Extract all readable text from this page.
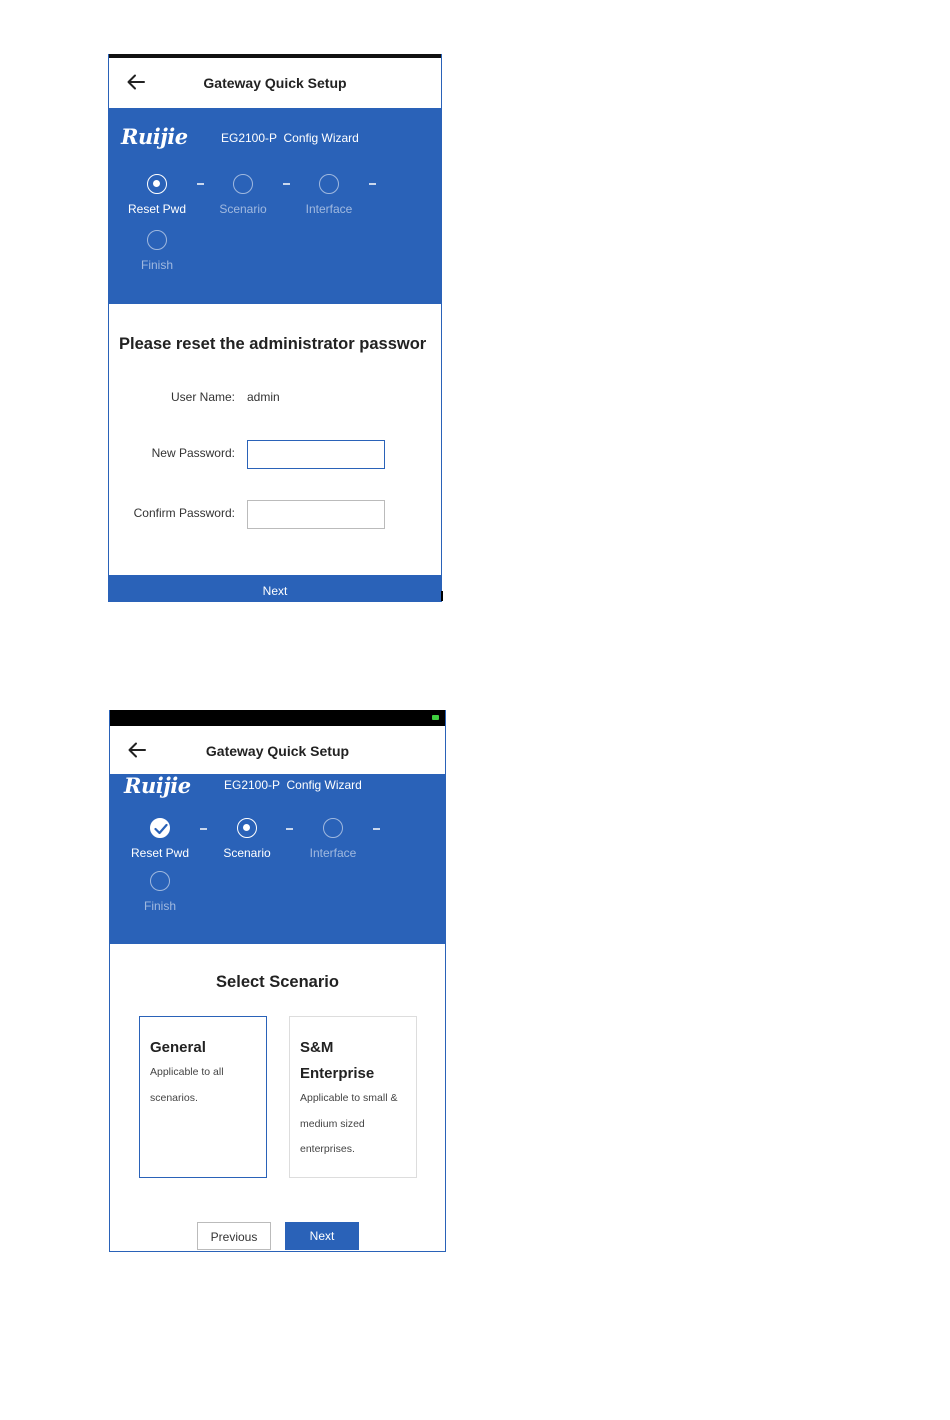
Gateway Quick Setup
Ruijie	EG2100-P  Config Wizard
Reset Pwd	Scenario	Interface
Finish
Please reset the administrator passwor
User Name: admin
New Password:
Confirm Password:
Next
Gateway Quick Setup
Ruijie	EG2100-P  Config Wizard
Reset Pwd	Scenario	Interface
Finish
Select Scenario
General
Applicable to all scenarios.
S&M Enterprise
Applicable to small & medium sized enterprises.
Previous	Next
